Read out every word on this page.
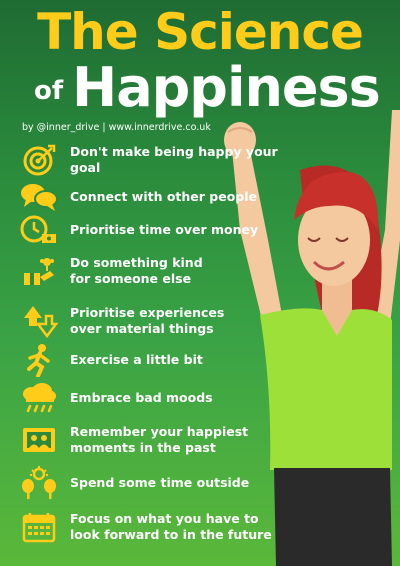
The Science
of Happiness
by @inner_drive | www.innerdrive.co.uk
Don't make being happy your goal
Connect with other people
Prioritise time over money
Do something kind
for someone else
Prioritise experiences
over material things
Exercise a little bit
Embrace bad moods
Remember your happiest
moments in the past
Spend some time outside
Focus on what you have to
look forward to in the future
